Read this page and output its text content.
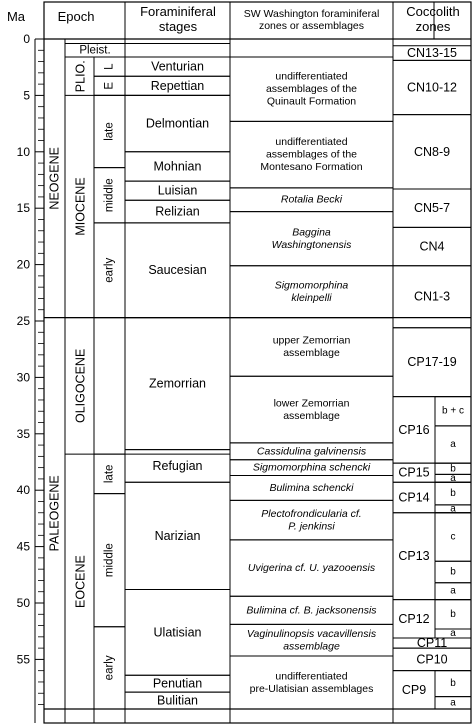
Ma	Epoch	Foraminiferal
stages
SW Washington foraminiferal
zones or assemblages
Coccolith
zones
0
5
10
15
20
25
30
35
40
45
50
55
NEOGENE
PALEOGENE
Pleist.
PLIO.
MIOCENE
OLIGOCENE
EOCENE
L
E
late
middle
early
late
middle
early
Venturian
Repettian
Delmontian
Mohnian
Luisian
Relizian
Saucesian
Zemorrian
Refugian
Narizian
Ulatisian
Penutian
Bulitian
undifferentiated
assemblages of the
Quinault Formation
undifferentiated
assemblages of the
Montesano Formation
Rotalia Becki
Baggina
Washingtonensis
Sigmomorphina
kleinpelli
upper Zemorrian
assemblage
lower Zemorrian
assemblage
Cassidulina galvinensis
Sigmomorphina schencki
Bulimina schencki
Plectofrondicularia cf.
P. jenkinsi
Uvigerina cf. U. yazooensis
Bulimina cf. B. jacksonensis
Vaginulinopsis vacavillensis
assemblage
undifferentiated
pre-Ulatisian assemblages
CN13-15
CN10-12
CN8-9
CN5-7
CN4
CN1-3
CP17-19
CP16
CP15
CP14
CP13
CP12
CP11
CP10
CP9
b + c
a
b
a
b
a
c
b
a
b
a
b
a
